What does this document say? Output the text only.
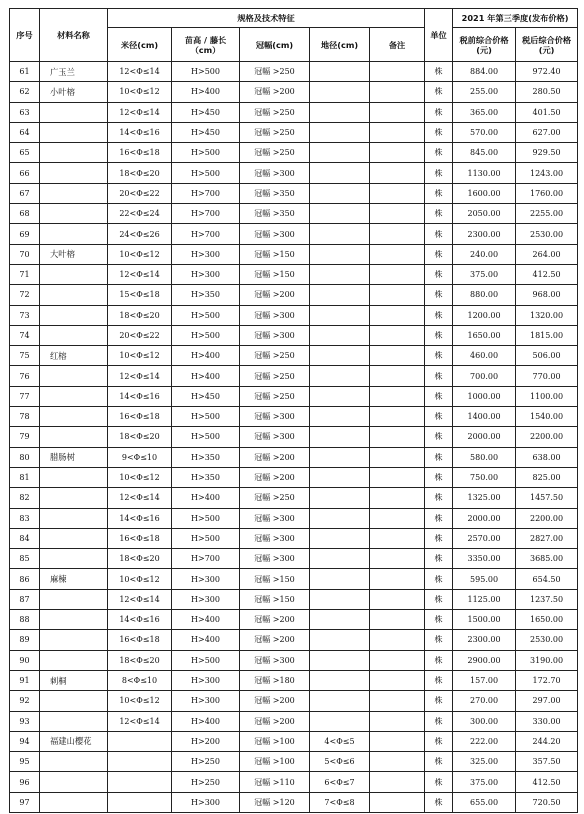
序号	材料名称	规格及技术特征					单位	2021 年第三季度(发布价格)	
		米径(cm)	苗高 / 藤长（cm）	冠幅(cm)	地径(cm)	备注		税前综合价格(元)	税后综合价格(元)
61	广玉兰	12<Φ≤14	H>500	冠幅 >250			株	884.00	972.40
62	小叶榕	10<Φ≤12	H>400	冠幅 >200			株	255.00	280.50
63		12<Φ≤14	H>450	冠幅 >250			株	365.00	401.50
64		14<Φ≤16	H>450	冠幅 >250			株	570.00	627.00
65		16<Φ≤18	H>500	冠幅 >250			株	845.00	929.50
66		18<Φ≤20	H>500	冠幅 >300			株	1130.00	1243.00
67		20<Φ≤22	H>700	冠幅 >350			株	1600.00	1760.00
68		22<Φ≤24	H>700	冠幅 >350			株	2050.00	2255.00
69		24<Φ≤26	H>700	冠幅 >300			株	2300.00	2530.00
70	大叶榕	10<Φ≤12	H>300	冠幅 >150			株	240.00	264.00
71		12<Φ≤14	H>300	冠幅 >150			株	375.00	412.50
72		15<Φ≤18	H>350	冠幅 >200			株	880.00	968.00
73		18<Φ≤20	H>500	冠幅 >300			株	1200.00	1320.00
74		20<Φ≤22	H>500	冠幅 >300			株	1650.00	1815.00
75	红榕	10<Φ≤12	H>400	冠幅 >250			株	460.00	506.00
76		12<Φ≤14	H>400	冠幅 >250			株	700.00	770.00
77		14<Φ≤16	H>450	冠幅 >250			株	1000.00	1100.00
78		16<Φ≤18	H>500	冠幅 >300			株	1400.00	1540.00
79		18<Φ≤20	H>500	冠幅 >300			株	2000.00	2200.00
80	腊肠树	9<Φ≤10	H>350	冠幅 >200			株	580.00	638.00
81		10<Φ≤12	H>350	冠幅 >200			株	750.00	825.00
82		12<Φ≤14	H>400	冠幅 >250			株	1325.00	1457.50
83		14<Φ≤16	H>500	冠幅 >300			株	2000.00	2200.00
84		16<Φ≤18	H>500	冠幅 >300			株	2570.00	2827.00
85		18<Φ≤20	H>700	冠幅 >300			株	3350.00	3685.00
86	麻楝	10<Φ≤12	H>300	冠幅 >150			株	595.00	654.50
87		12<Φ≤14	H>300	冠幅 >150			株	1125.00	1237.50
88		14<Φ≤16	H>400	冠幅 >200			株	1500.00	1650.00
89		16<Φ≤18	H>400	冠幅 >200			株	2300.00	2530.00
90		18<Φ≤20	H>500	冠幅 >300			株	2900.00	3190.00
91	刺桐	8<Φ≤10	H>300	冠幅 >180			株	157.00	172.70
92		10<Φ≤12	H>300	冠幅 >200			株	270.00	297.00
93		12<Φ≤14	H>400	冠幅 >200			株	300.00	330.00
94	福建山樱花		H>200	冠幅 >100	4<Φ≤5		株	222.00	244.20
95			H>250	冠幅 >100	5<Φ≤6		株	325.00	357.50
96			H>250	冠幅 >110	6<Φ≤7		株	375.00	412.50
97			H>300	冠幅 >120	7<Φ≤8		株	655.00	720.50
